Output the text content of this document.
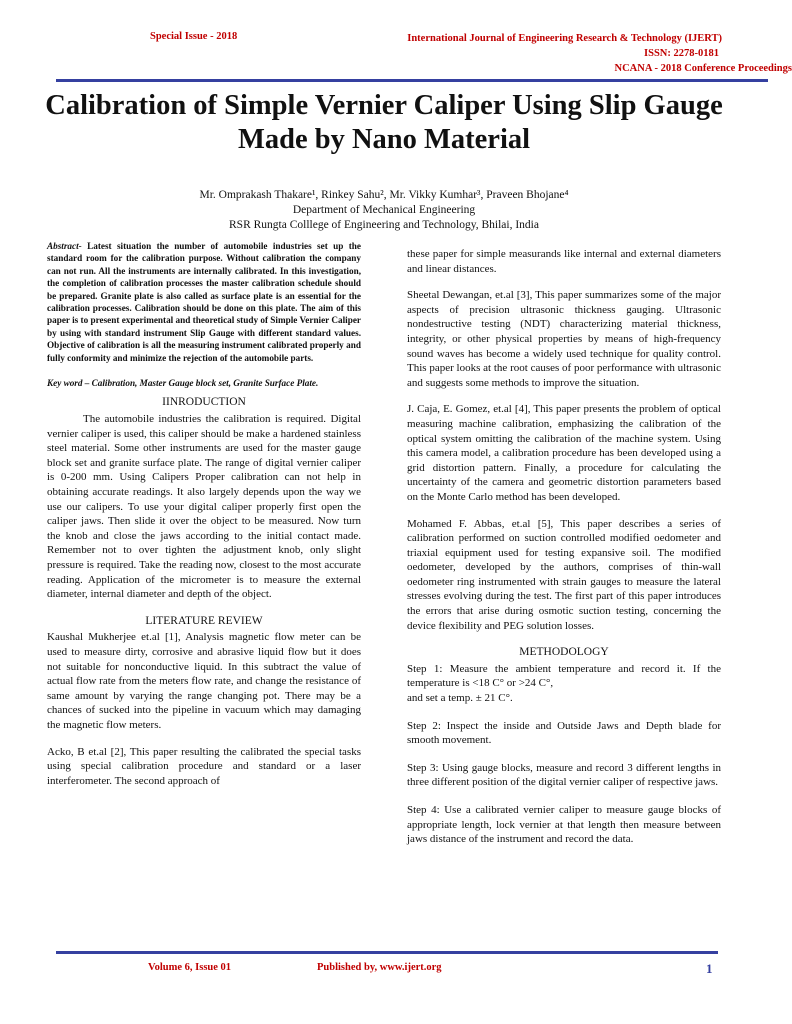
Special Issue - 2018	International Journal of Engineering Research & Technology (IJERT)
ISSN: 2278-0181
NCANA - 2018 Conference Proceedings
Calibration of Simple Vernier Caliper Using Slip Gauge Made by Nano Material
Mr. Omprakash Thakare¹, Rinkey Sahu², Mr. Vikky Kumhar³, Praveen Bhojane⁴
Department of Mechanical Engineering
RSR Rungta Colllege of Engineering and Technology, Bhilai, India

Abstract- Latest situation the number of automobile industries set up the standard room for the calibration purpose. Without calibration the company can not run. All the instruments are internally calibrated. In this investigation, the completion of calibration processes the master calibration schedule should be prepared. Granite plate is also called as surface plate is an essential for the calibration processes. Calibration should be done on this plate. The aim of this paper is to present experimental and theoretical study of Simple Vernier Caliper by using with standard instrument Slip Gauge with different standard values. Objective of calibration is all the measuring instrument calibrated properly and fully conformity and minimize the rejection of the automobile parts.

Key word – Calibration, Master Gauge block set, Granite Surface Plate.

IINRODUCTION

The automobile industries the calibration is required. Digital vernier caliper is used, this caliper should be make a hardened stainless steel material. Some other instruments are used for the master gauge block set and granite surface plate. The range of digital vernier caliper is 0-200 mm. Using Calipers Proper calibration can not help in obtaining accurate readings. It also largely depends upon the way we use our calipers. To use your digital caliper properly first open the caliper jaws. Then slide it over the object to be measured. Now turn the knob and close the jaws according to the initial contact made. Remember not to over tighten the adjustment knob, only slight pressure is required. Take the reading now, closest to the most accurate reading. Application of the micrometer is to measure the external diameter, internal diameter and depth of the object.

LITERATURE REVIEW

Kaushal Mukherjee et.al [1], Analysis magnetic flow meter can be used to measure dirty, corrosive and abrasive liquid flow but it does not suitable for nonconductive liquid. In this subtract the value of actual flow rate from the meters flow rate, and change the resistance of same amount by varying the range changing pot. There may be a chances of sucked into the pipeline in vacuum which may damaging the magnetic flow meters.

Acko, B et.al [2], This paper resulting the calibrated the special tasks using special calibration procedure and standard or a laser interferometer. The second approach of

these paper for simple measurands like internal and external diameters and linear distances.

Sheetal Dewangan, et.al [3], This paper summarizes some of the major aspects of precision ultrasonic thickness gauging. Ultrasonic nondestructive testing (NDT) characterizing material thickness, integrity, or other physical properties by means of high-frequency sound waves has become a widely used technique for quality control. This paper looks at the root causes of poor performance with ultrasonic and suggests some methods to improve the situation.

J. Caja, E. Gomez, et.al [4], This paper presents the problem of optical measuring machine calibration, emphasizing the calibration of the optical system omitting the calibration of the machine system. Using this camera model, a calibration procedure has been developed using a grid distortion pattern. Finally, a procedure for calculating the uncertainty of the camera and geometric distortion parameters based on the Monte Carlo method has been developed.

Mohamed F. Abbas, et.al [5], This paper describes a series of calibration performed on suction controlled modified oedometer and triaxial equipment used for testing expansive soil. The modified oedometer, developed by the authors, comprises of thin-wall oedometer ring instrumented with strain gauges to measure the lateral stresses evolving during the test. The first part of this paper introduces the errors that arise during osmotic suction testing, concerning the device flexibility and PEG solution losses.

METHODOLOGY
Step 1: Measure the ambient temperature and record it. If the temperature is <18 C° or >24 C°,
and set a temp. ± 21 C°.

Step 2: Inspect the inside and Outside Jaws and Depth blade for smooth movement.

Step 3: Using gauge blocks, measure and record 3 different lengths in three different position of the digital vernier caliper of respective jaws.

Step 4: Use a calibrated vernier caliper to measure gauge blocks of appropriate length, lock vernier at that length then measure between jaws distance of the instrument and record the data.

Volume 6, Issue 01	Published by, www.ijert.org	1
